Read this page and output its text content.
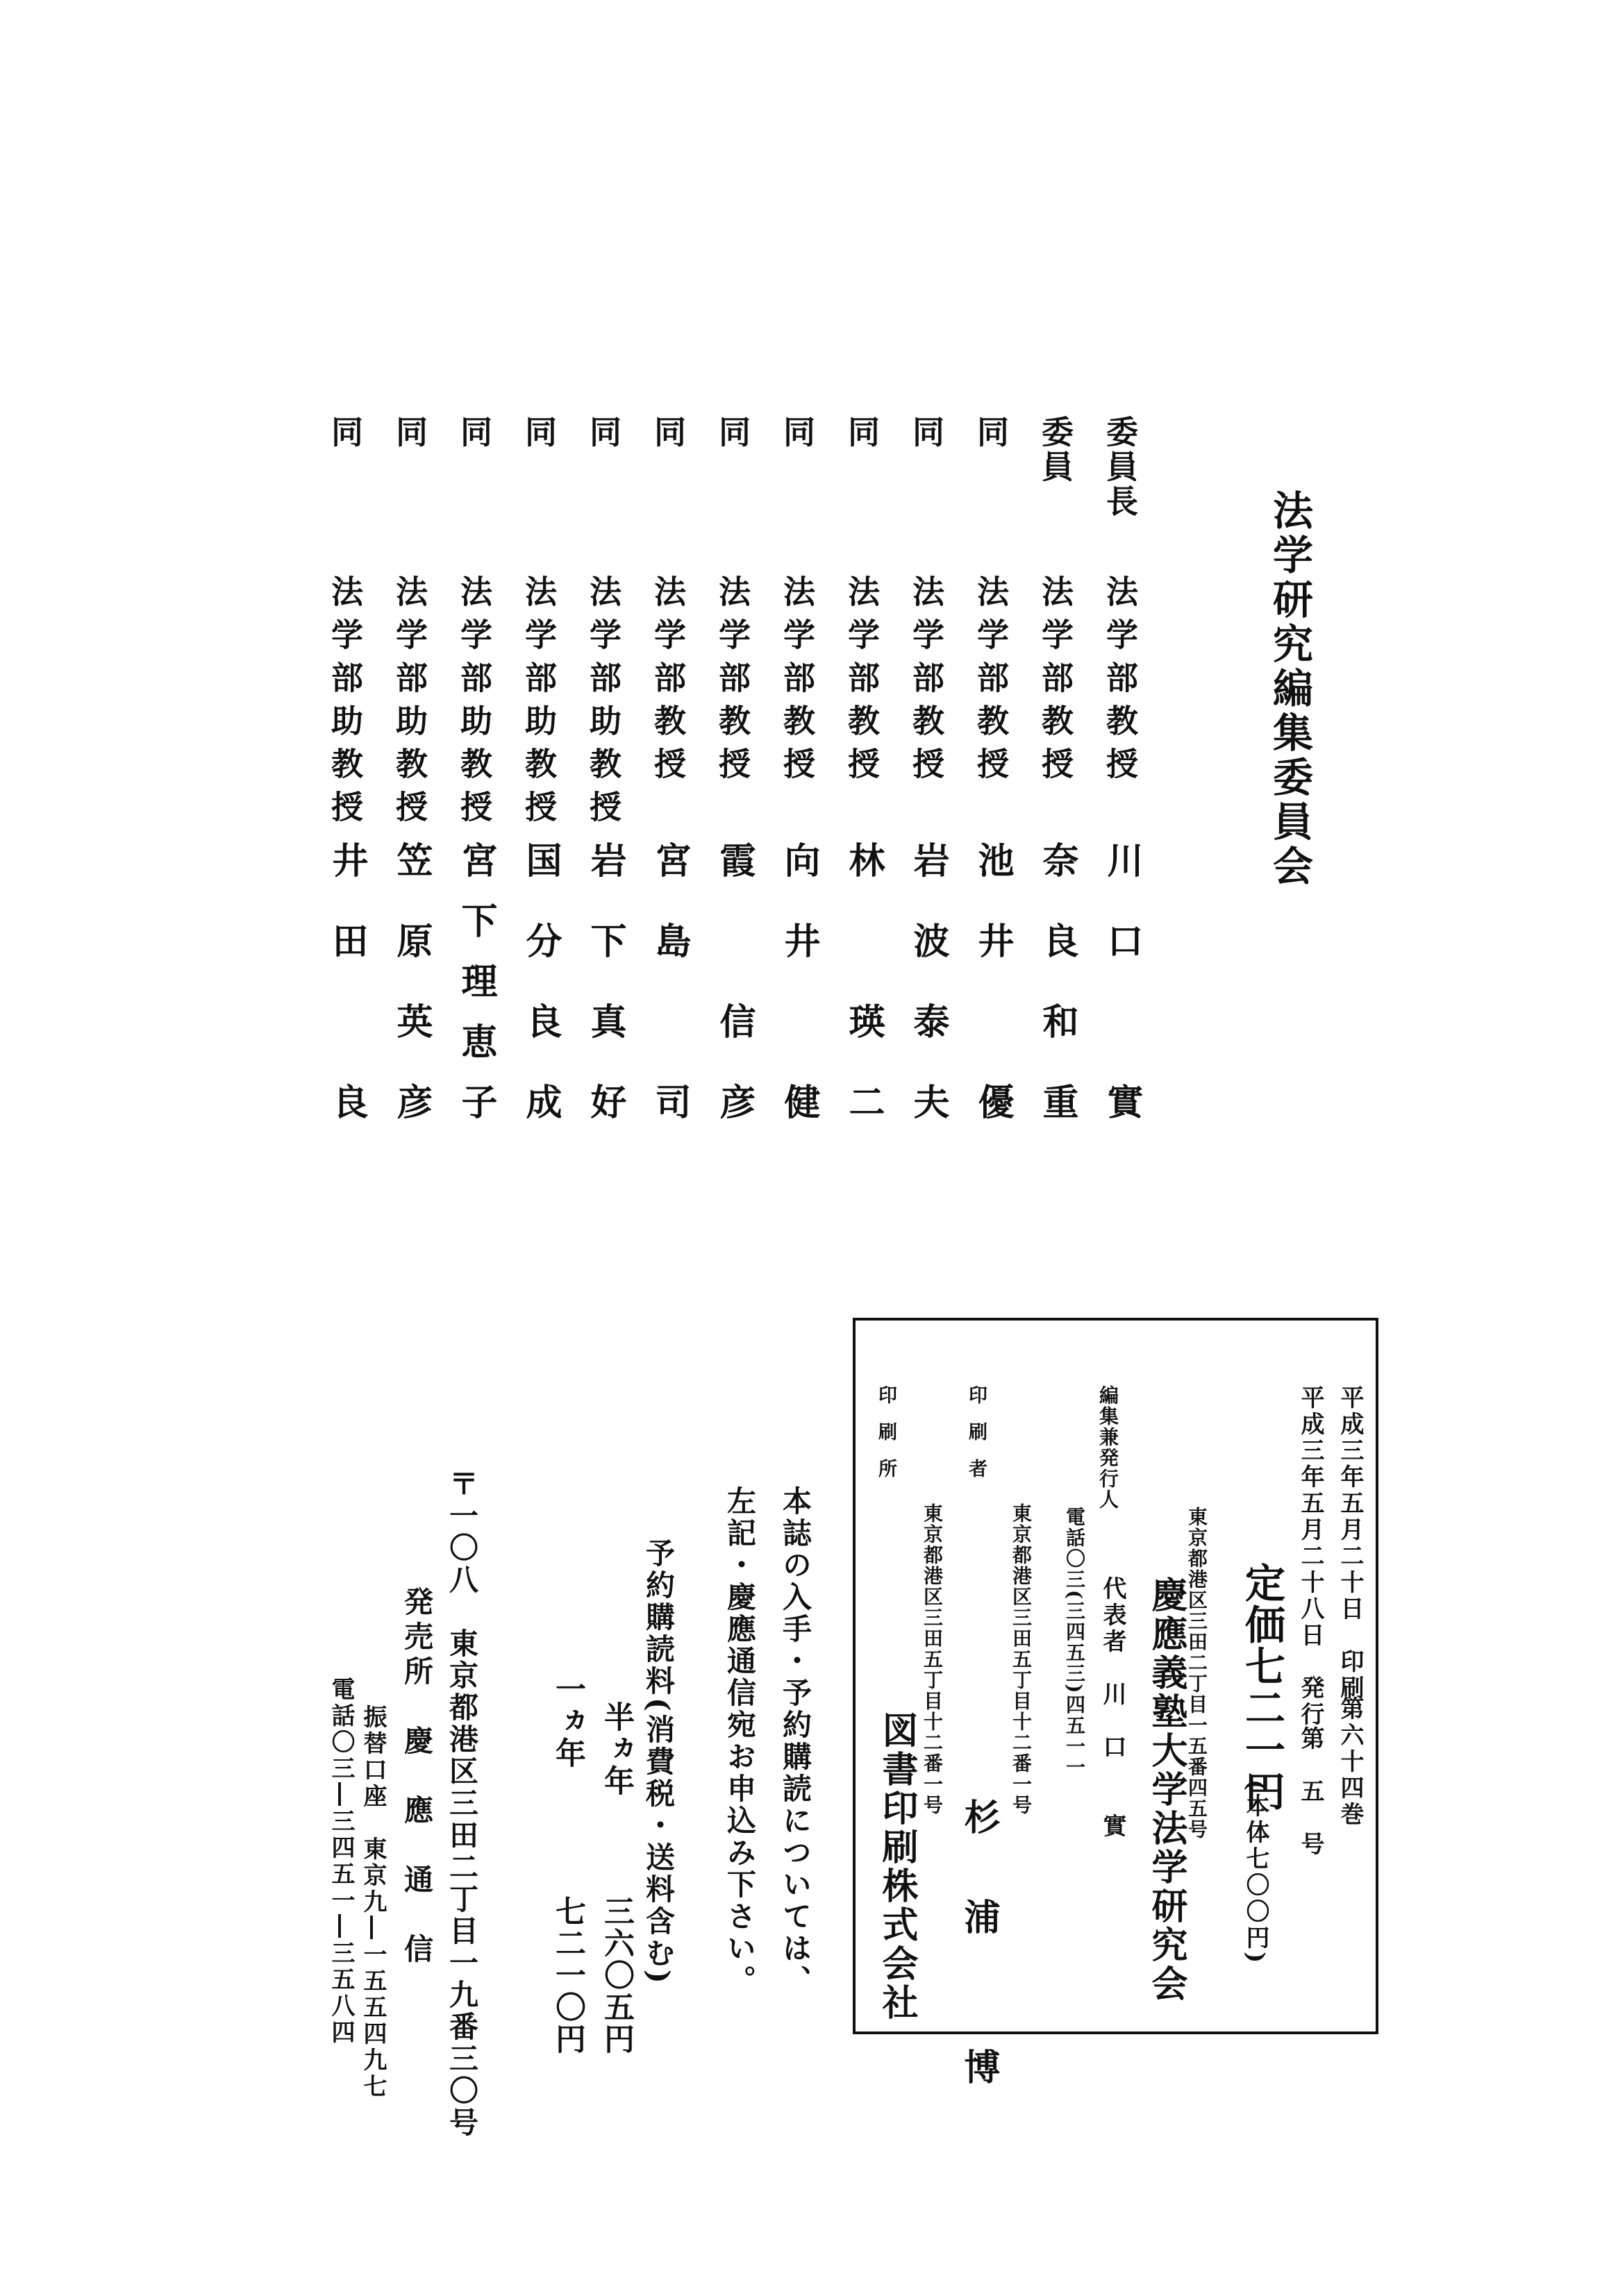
法学研究編集委員会
委員長
法学部教授
川口　實
委員
法学部教授
奈良和重
同
法学部教授
池井　優
同
法学部教授
岩波泰夫
同
法学部教授
林　瑛二
同
法学部教授
向井　健
同
法学部教授
霞　信彦
同
法学部教授
宮島　司
同
法学部助教授
岩下真好
同
法学部助教授
国分良成
同
法学部助教授
宮下理恵子
同
法学部助教授
笠原英彦
同
法学部助教授
井田　良
平成三年五月二十日　印刷
第六十四巻
平成三年五月二十八日　発行
第　五　号
定価七二一円
(本体七〇〇円)
編集兼発行人
東京都港区三田二丁目一五番四五号
慶應義塾大学法学研究会
代表者　川　口　　實
電話〇三(三四五三)四五一一
印刷者
東京都港区三田五丁目十二番一号
杉　浦　　博
印刷所
東京都港区三田五丁目十二番一号
図書印刷株式会社
本誌の入手・予約購読については、
左記・慶應通信宛お申込み下さい。
予約購読料(消費税・送料含む)
半ヵ年
三六〇五円
一ヵ年
七二一〇円
〒一〇八　東京都港区三田二丁目一九番三〇号
発売所　慶　應　通　信
振替口座　東京九―一五五四九七
電話〇三―三四五一―三五八四
